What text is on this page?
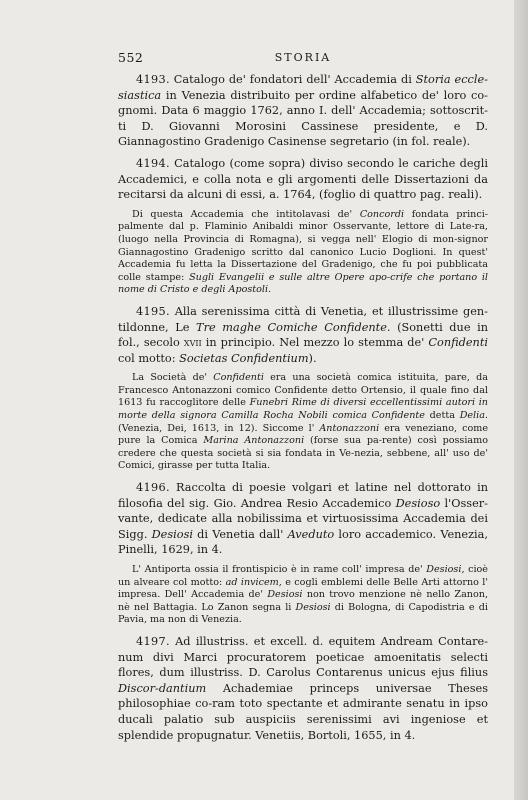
552	STORIA

4193. Catalogo de' fondatori dell' Accademia di Storia eccle-siastica in Venezia distribuito per ordine alfabetico de' loro co-gnomi. Data 6 maggio 1762, anno I. dell' Accademia; sottoscrit-ti D. Giovanni Morosini Cassinese presidente, e D. Giannagostino Gradenigo Casinense segretario (in fol. reale).

4194. Catalogo (come sopra) diviso secondo le cariche degli Accademici, e colla nota e gli argomenti delle Dissertazioni da recitarsi da alcuni di essi, a. 1764, (foglio di quattro pag. reali).

Di questa Accademia che intitolavasi de' Concordi fondata princi-palmente dal p. Flaminio Anibaldi minor Osservante, lettore di Late-ra, (luogo nella Provincia di Romagna), si vegga nell' Elogio di mon-signor Giannagostino Gradenigo scritto dal canonico Lucio Doglioni. In quest' Accademia fu letta la Dissertazione del Gradenigo, che fu poi pubblicata colle stampe: Sugli Evangelii e sulle altre Opere apo-crife che portano il nome di Cristo e degli Apostoli.

4195. Alla serenissima città di Venetia, et illustrissime gen-tildonne, Le Tre maghe Comiche Confidente. (Sonetti due in fol., secolo xvii in principio. Nel mezzo lo stemma de' Confidenti col motto: Societas Confidentium).

La Società de' Confidenti era una società comica istituita, pare, da Francesco Antonazzoni comico Confidente detto Ortensio, il quale fino dal 1613 fu raccoglitore delle Funebri Rime di diversi eccellentissimi autori in morte della signora Camilla Rocha Nobili comica Confidente detta Delia. (Venezia, Dei, 1613, in 12). Siccome l' Antonazzoni era veneziano, come pure la Comica Marina Antonazzoni (forse sua pa-rente) così possiamo credere che questa società si sia fondata in Ve-nezia, sebbene, all' uso de' Comici, girasse per tutta Italia.

4196. Raccolta di poesie volgari et latine nel dottorato in filosofia del sig. Gio. Andrea Resio Accademico Desioso l'Osser-vante, dedicate alla nobilissima et virtuosissima Accademia dei Sigg. Desiosi di Venetia dall' Aveduto loro accademico. Venezia, Pinelli, 1629, in 4.

L' Antiporta ossia il frontispicio è in rame coll' impresa de' Desiosi, cioè un alveare col motto: ad invicem, e cogli emblemi delle Belle Arti attorno l' impresa. Dell' Accademia de' Desiosi non trovo menzione nè nello Zanon, nè nel Battagia. Lo Zanon segna li Desiosi di Bologna, di Capodistria e di Pavia, ma non di Venezia.

4197. Ad illustriss. et excell. d. equitem Andream Contare-num divi Marci procuratorem poeticae amoenitatis selecti flores, dum illustriss. D. Carolus Contarenus unicus ejus filius Discor-dantium Achademiae princeps universae Theses philosophiae co-ram toto spectante et admirante senatu in ipso ducali palatio sub auspiciis serenissimi avi ingeniose et splendide propugnatur. Venetiis, Bortoli, 1655, in 4.
